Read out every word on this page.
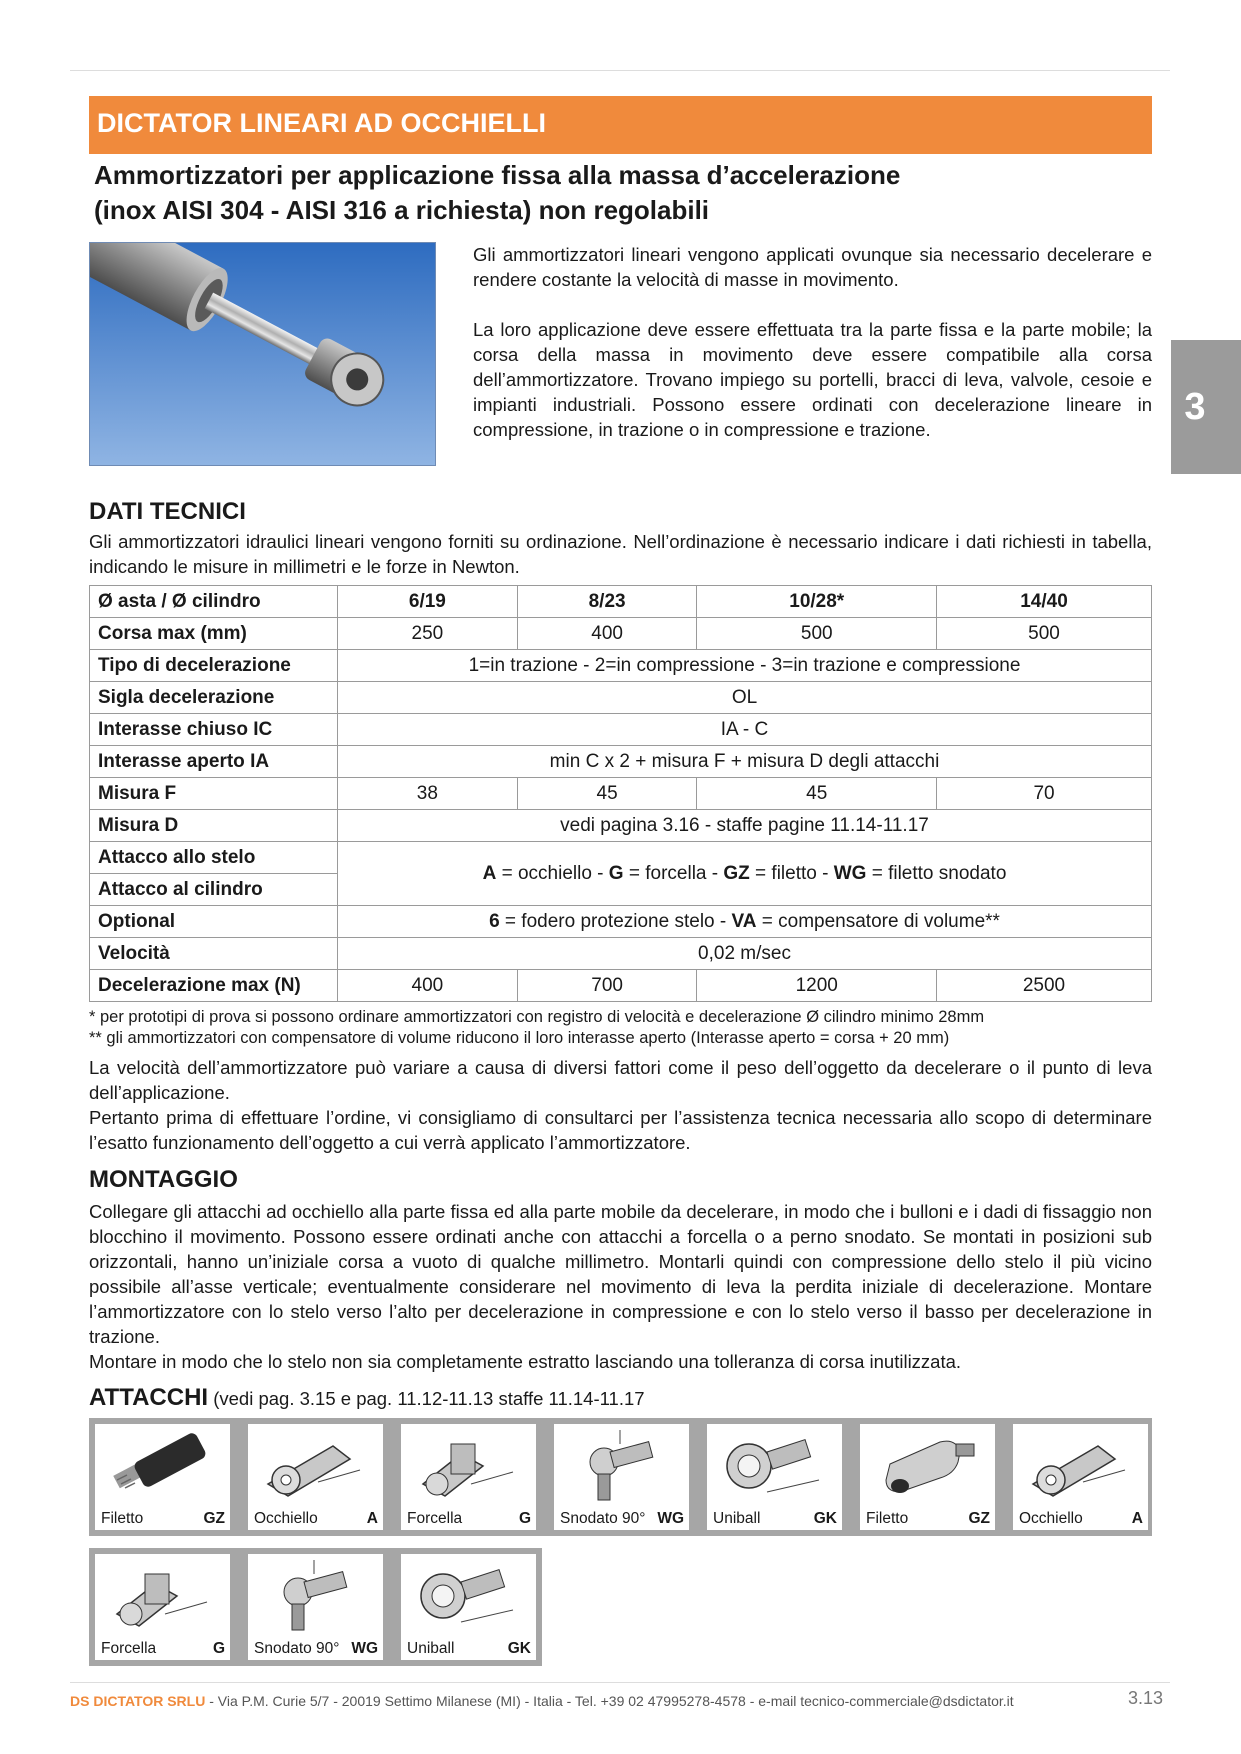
DICTATOR LINEARI AD OCCHIELLI
Ammortizzatori per applicazione fissa alla massa d’accelerazione
(inox AISI 304 - AISI 316 a richiesta) non regolabili

Gli ammortizzatori lineari vengono applicati ovunque sia necessario decelerare e rendere costante la velocità di masse in movimento.

La loro applicazione deve essere effettuata tra la parte fissa e la parte mobile; la corsa della massa in movimento deve essere compatibile alla corsa dell’ammortizzatore. Trovano impiego su portelli, bracci di leva, valvole, cesoie e impianti industriali. Possono essere ordinati con decelerazione lineare in compressione, in trazione o in compressione e trazione.

3
DATI TECNICI

Gli ammortizzatori idraulici lineari vengono forniti su ordinazione. Nell’ordinazione è necessario indicare i dati richiesti in tabella, indicando le misure in millimetri e le forze in Newton.

Ø asta / Ø cilindro	6/19	8/23	10/28*	14/40
Corsa max (mm)	250	400	500	500
Tipo di decelerazione	1=in trazione - 2=in compressione - 3=in trazione e compressione			
Sigla decelerazione	OL			
Interasse chiuso IC	IA - C			
Interasse aperto IA	min C x 2 + misura F + misura D degli attacchi			
Misura F	38	45	45	70
Misura D	vedi pagina 3.16 - staffe pagine 11.14-11.17			
Attacco allo stelo	A = occhiello - G = forcella - GZ = filetto - WG = filetto snodato			
Attacco al cilindro				
Optional	6 = fodero protezione stelo - VA = compensatore di volume**			
Velocità	0,02 m/sec			
Decelerazione max (N)	400	700	1200	2500
* per prototipi di prova si possono ordinare ammortizzatori con registro di velocità e decelerazione Ø cilindro minimo 28mm
** gli ammortizzatori con compensatore di volume riducono il loro interasse aperto (Interasse aperto = corsa + 20 mm)

La velocità dell’ammortizzatore può variare a causa di diversi fattori come il peso dell’oggetto da decelerare o il punto di leva dell’applicazione.

Pertanto prima di effettuare l’ordine, vi consigliamo di consultarci per l’assistenza tecnica necessaria allo scopo di determinare l’esatto funzionamento dell’oggetto a cui verrà applicato l’ammortizzatore.

MONTAGGIO

Collegare gli attacchi ad occhiello alla parte fissa ed alla parte mobile da decelerare, in modo che i bulloni e i dadi di fissaggio non blocchino il movimento. Possono essere ordinati anche con attacchi a forcella o a perno snodato. Se montati in posizioni sub orizzontali, hanno un’iniziale corsa a vuoto di qualche millimetro. Montarli quindi con compressione dello stelo il più vicino possibile all’asse verticale; eventualmente considerare nel movimento di leva la perdita iniziale di decelerazione. Montare l’ammortizzatore con lo stelo verso l’alto per decelerazione in compressione e con lo stelo verso il basso per decelerazione in trazione.

Montare in modo che lo stelo non sia completamente estratto lasciando una tolleranza di corsa inutilizzata.

ATTACCHI (vedi pag. 3.15 e pag. 11.12-11.13 staffe 11.14-11.17
Filetto	GZ Occhiello	A Forcella	G Snodato 90° WG Uniball	GK Filetto	GZ Occhiello	A
Forcella	G Snodato 90° WG Uniball	GK
DS DICTATOR SRLU - Via P.M. Curie 5/7 - 20019 Settimo Milanese (MI) - Italia - Tel. +39 02 47995278-4578 - e-mail tecnico-commerciale@dsdictator.it	3.13
